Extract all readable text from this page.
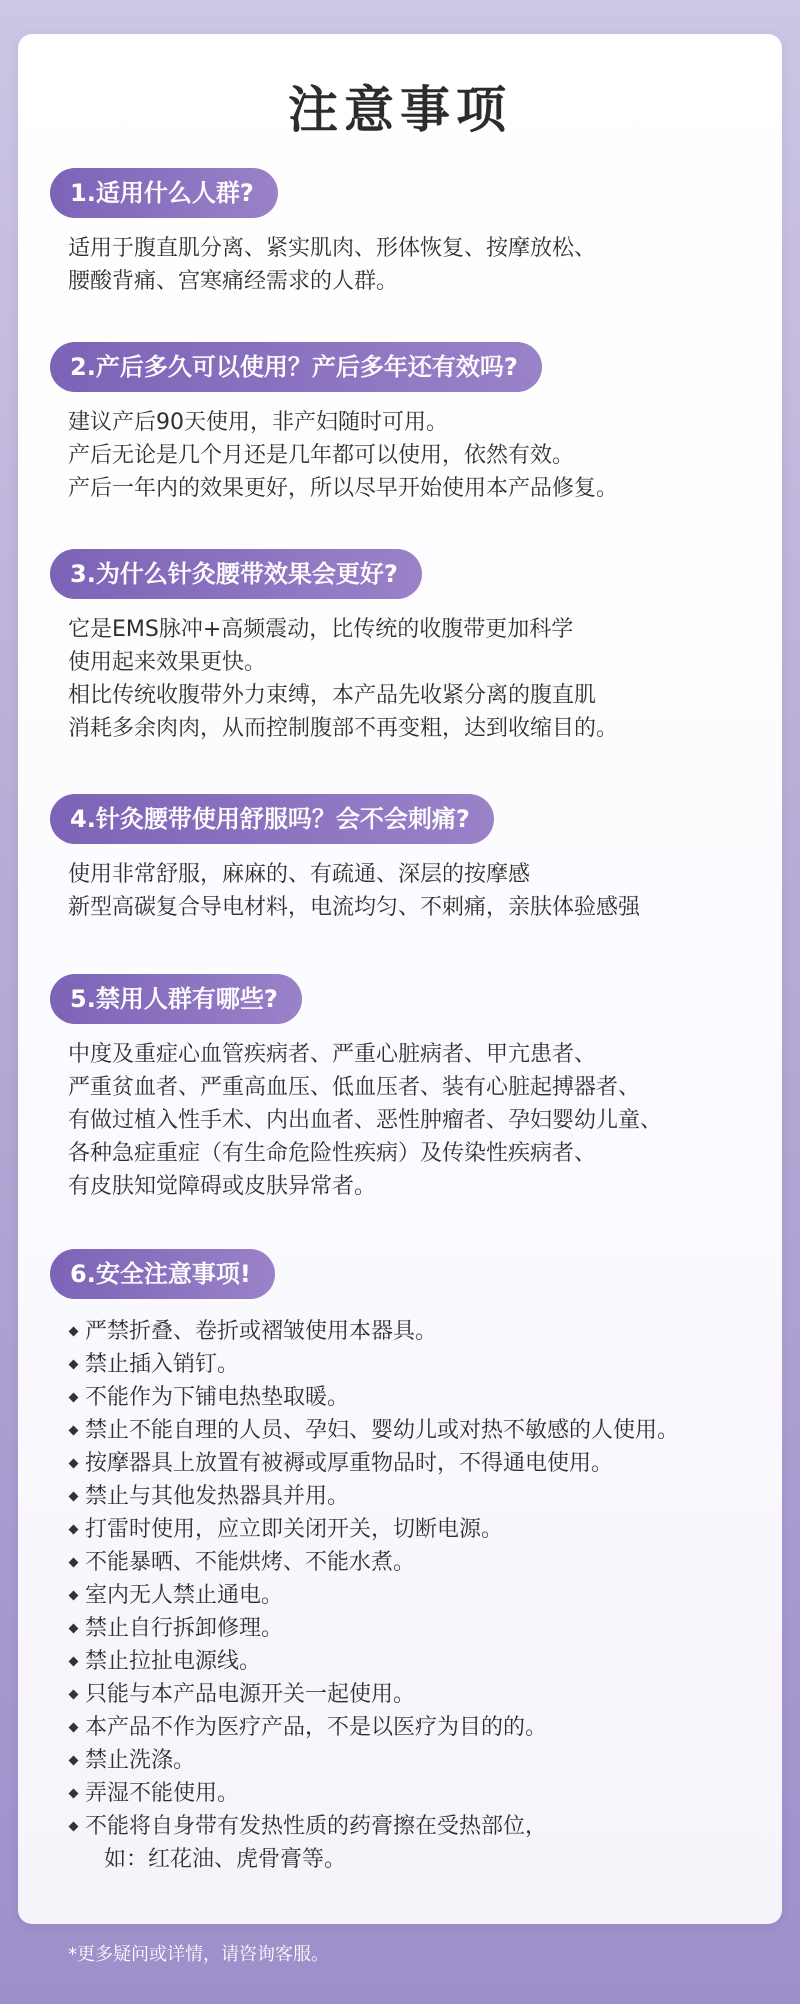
注意事项
1.适用什么人群?
适用于腹直肌分离、紧实肌肉、形体恢复、按摩放松、
腰酸背痛、宫寒痛经需求的人群。
2.产后多久可以使用？产后多年还有效吗?
建议产后90天使用，非产妇随时可用。
产后无论是几个月还是几年都可以使用，依然有效。
产后一年内的效果更好，所以尽早开始使用本产品修复。
3.为什么针灸腰带效果会更好?
它是EMS脉冲+高频震动，比传统的收腹带更加科学
使用起来效果更快。
相比传统收腹带外力束缚，本产品先收紧分离的腹直肌
消耗多余肉肉，从而控制腹部不再变粗，达到收缩目的。
4.针灸腰带使用舒服吗？会不会刺痛?
使用非常舒服，麻麻的、有疏通、深层的按摩感
新型高碳复合导电材料，电流均匀、不刺痛，亲肤体验感强
5.禁用人群有哪些?
中度及重症心血管疾病者、严重心脏病者、甲亢患者、
严重贫血者、严重高血压、低血压者、装有心脏起搏器者、
有做过植入性手术、内出血者、恶性肿瘤者、孕妇婴幼儿童、
各种急症重症（有生命危险性疾病）及传染性疾病者、
有皮肤知觉障碍或皮肤异常者。
6.安全注意事项!
严禁折叠、卷折或褶皱使用本器具。
禁止插入销钉。
不能作为下铺电热垫取暖。
禁止不能自理的人员、孕妇、婴幼儿或对热不敏感的人使用。
按摩器具上放置有被褥或厚重物品时，不得通电使用。
禁止与其他发热器具并用。
打雷时使用，应立即关闭开关，切断电源。
不能暴晒、不能烘烤、不能水煮。
室内无人禁止通电。
禁止自行拆卸修理。
禁止拉扯电源线。
只能与本产品电源开关一起使用。
本产品不作为医疗产品，不是以医疗为目的的。
禁止洗涤。
弄湿不能使用。
不能将自身带有发热性质的药膏擦在受热部位，
如：红花油、虎骨膏等。
*更多疑问或详情，请咨询客服。
